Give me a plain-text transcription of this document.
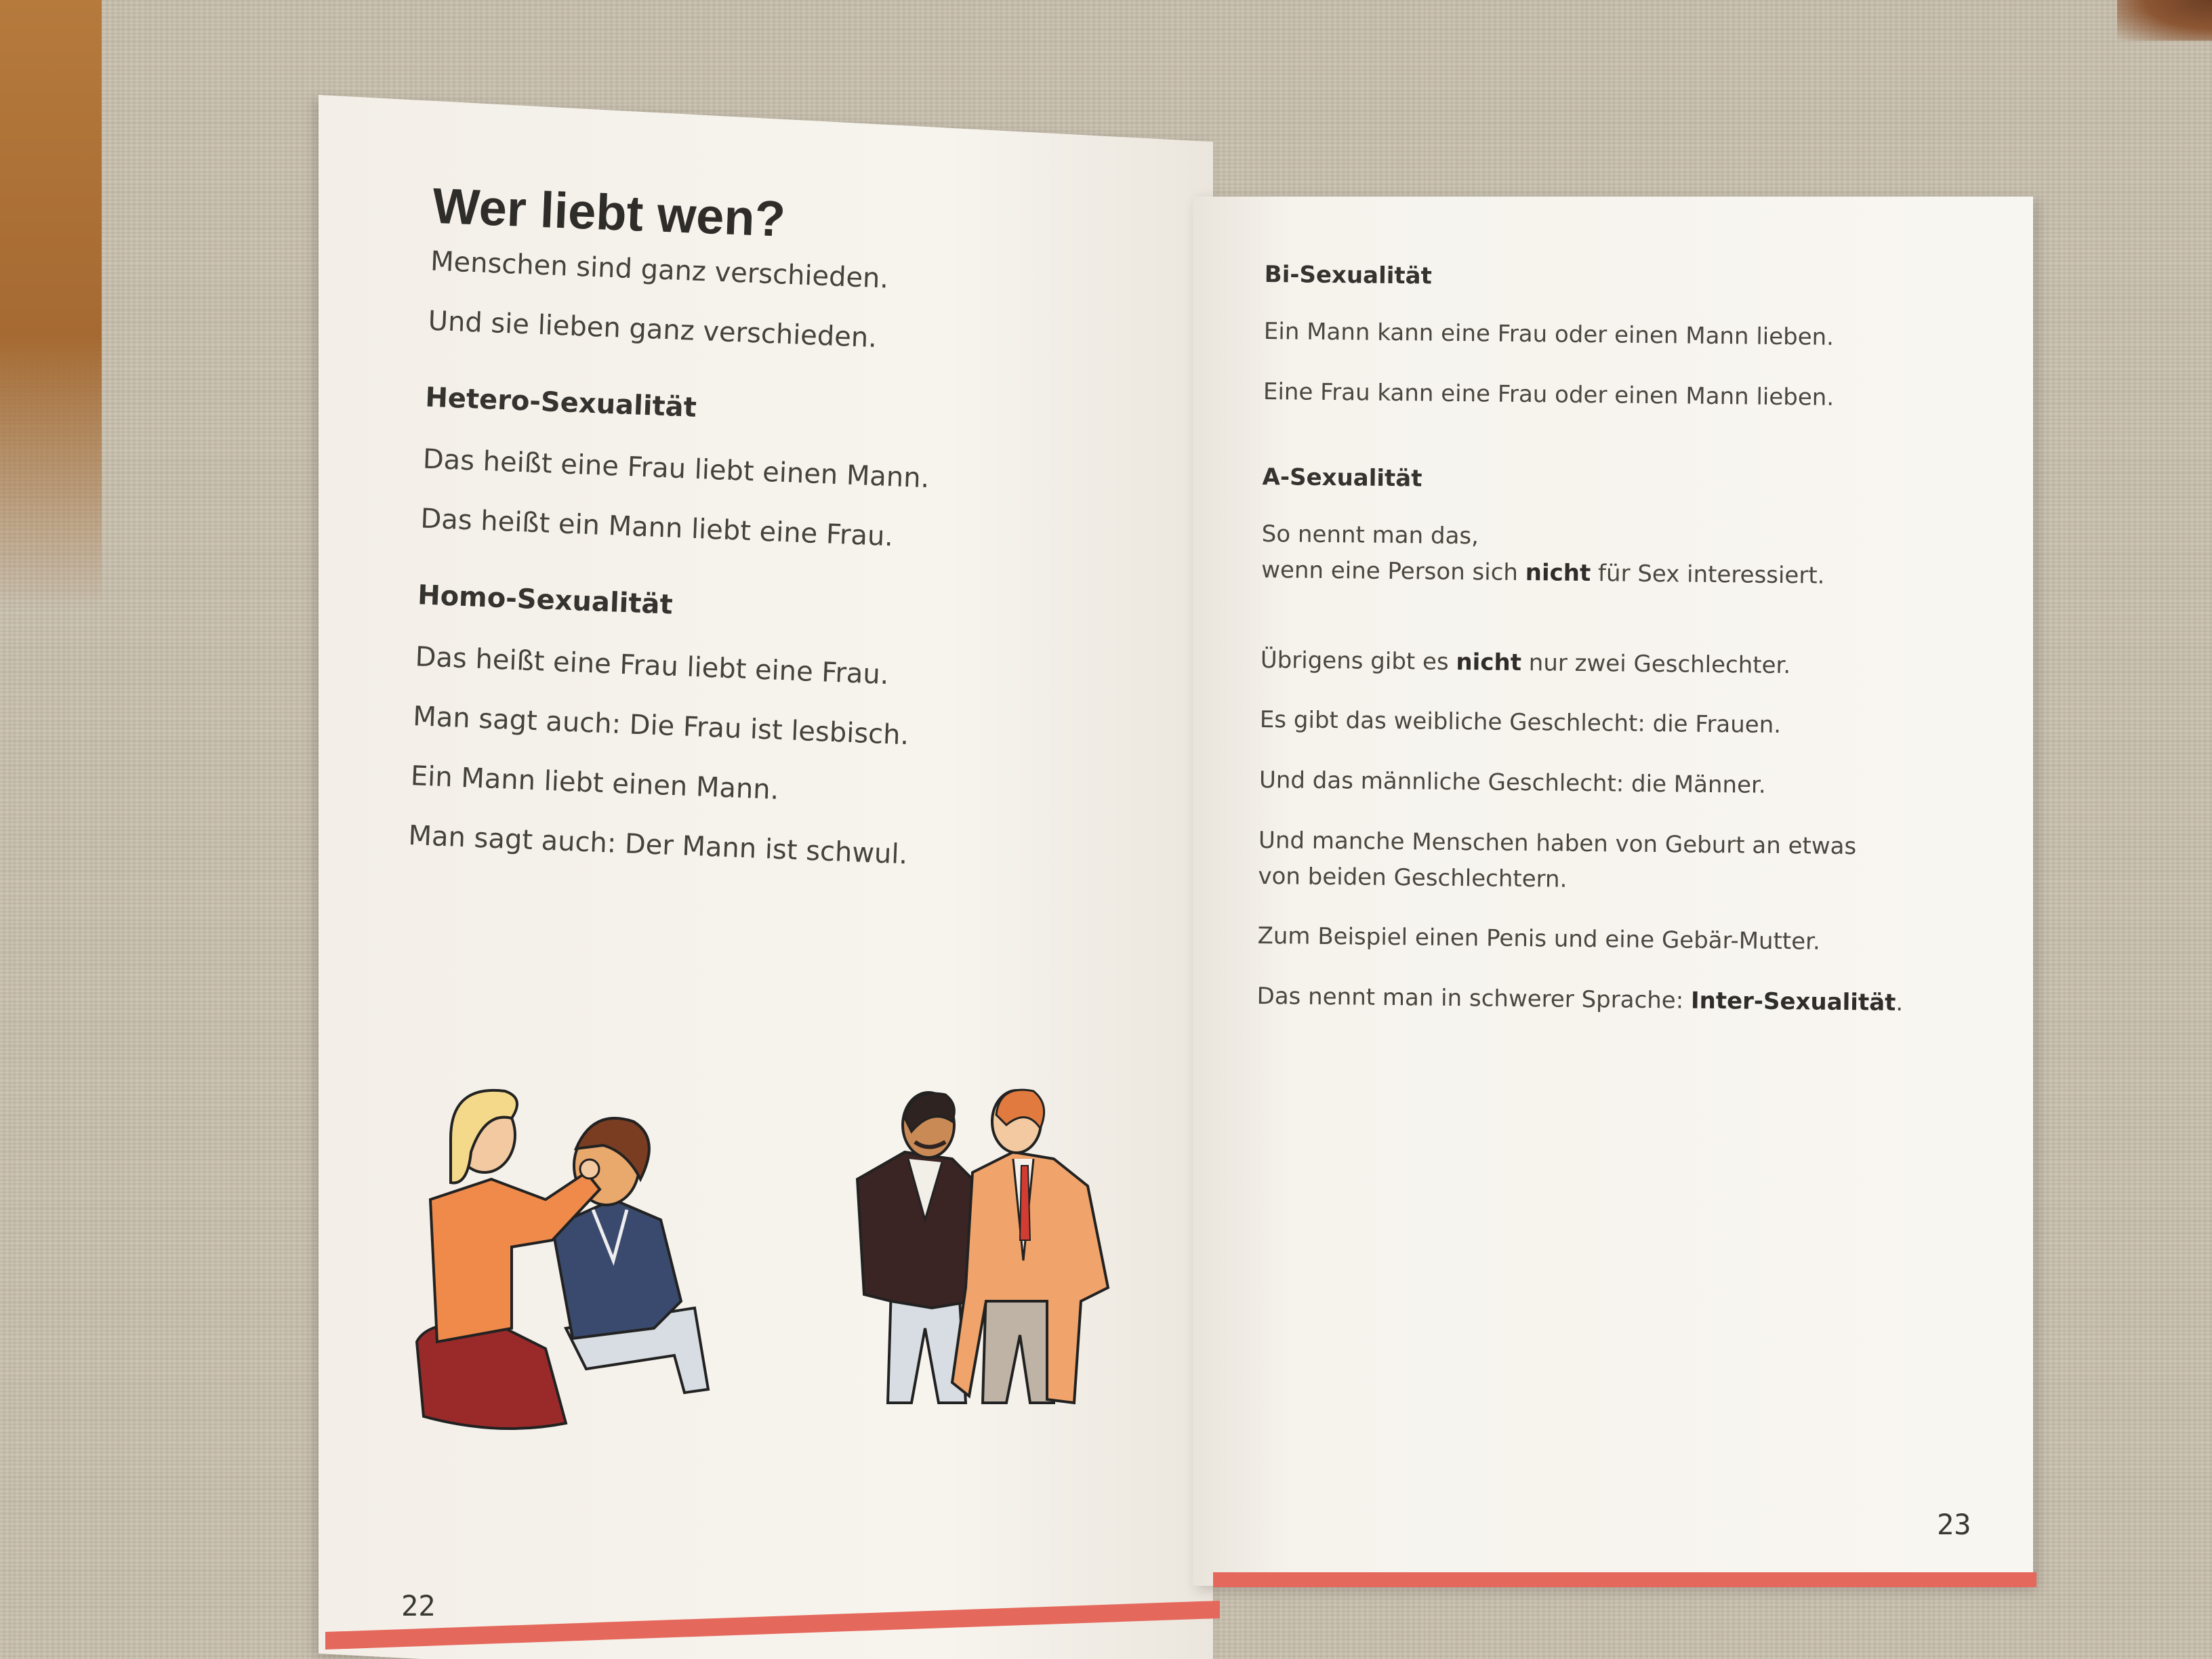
Wer liebt wen?
Menschen sind ganz verschieden.
Und sie lieben ganz verschieden.
Hetero-Sexualität
Das heißt eine Frau liebt einen Mann.
Das heißt ein Mann liebt eine Frau.
Homo-Sexualität
Das heißt eine Frau liebt eine Frau.
Man sagt auch: Die Frau ist lesbisch.
Ein Mann liebt einen Mann.
Man sagt auch: Der Mann ist schwul.
22
Bi-Sexualität
Ein Mann kann eine Frau oder einen Mann lieben.
Eine Frau kann eine Frau oder einen Mann lieben.
A-Sexualität
So nennt man das,
wenn eine Person sich nicht für Sex interessiert.
Übrigens gibt es nicht nur zwei Geschlechter.
Es gibt das weibliche Geschlecht: die Frauen.
Und das männliche Geschlecht: die Männer.
Und manche Menschen haben von Geburt an etwas
von beiden Geschlechtern.
Zum Beispiel einen Penis und eine Gebär-Mutter.
Das nennt man in schwerer Sprache: Inter-Sexualität.
23
